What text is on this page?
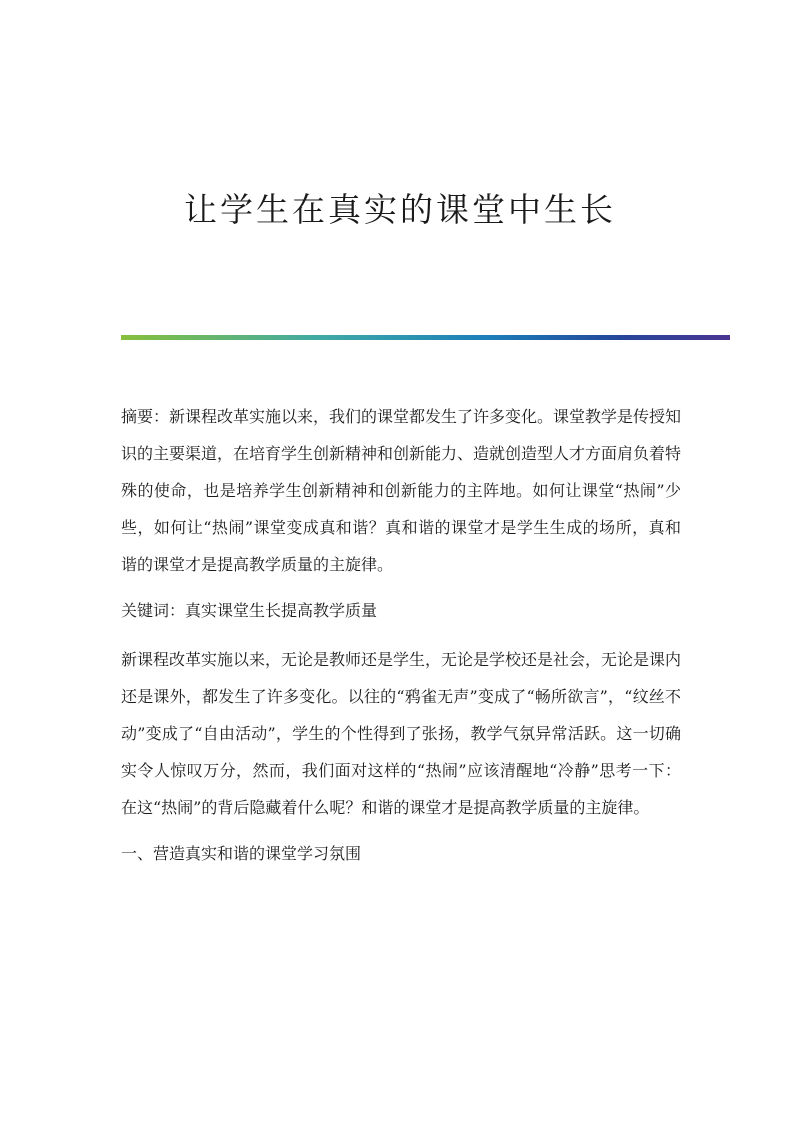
让学生在真实的课堂中生长

摘要：新课程改革实施以来，我们的课堂都发生了许多变化。课堂教学是传授知识的主要渠道，在培育学生创新精神和创新能力、造就创造型人才方面肩负着特殊的使命，也是培养学生创新精神和创新能力的主阵地。如何让课堂“热闹”少些，如何让“热闹”课堂变成真和谐？真和谐的课堂才是学生生成的场所，真和谐的课堂才是提高教学质量的主旋律。

关键词：真实课堂生长提高教学质量

新课程改革实施以来，无论是教师还是学生，无论是学校还是社会，无论是课内还是课外，都发生了许多变化。以往的“鸦雀无声”变成了“畅所欲言”，“纹丝不动”变成了“自由活动”，学生的个性得到了张扬，教学气氛异常活跃。这一切确实令人惊叹万分，然而，我们面对这样的“热闹”应该清醒地“冷静”思考一下：在这“热闹”的背后隐藏着什么呢？和谐的课堂才是提高教学质量的主旋律。

一、营造真实和谐的课堂学习氛围
